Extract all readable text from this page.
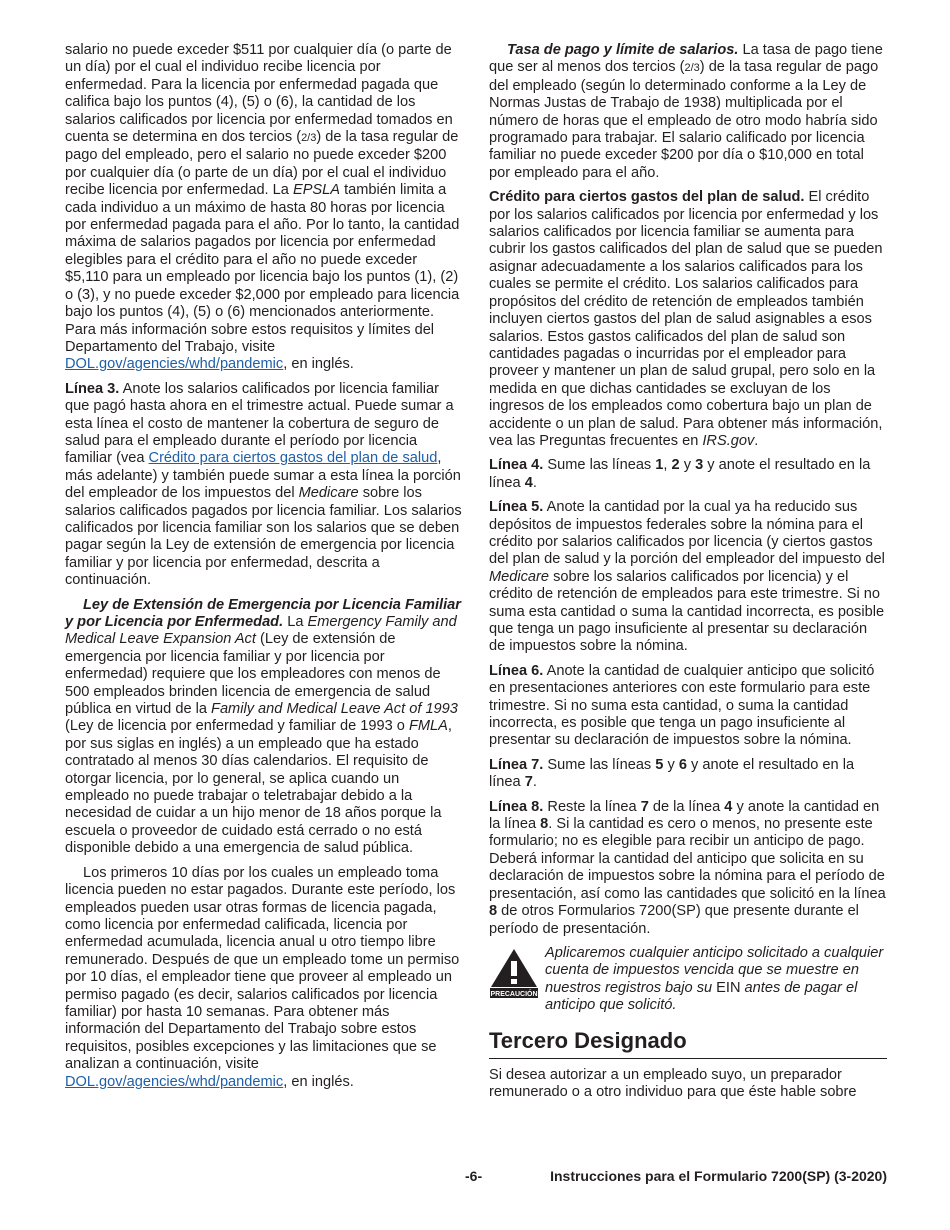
salario no puede exceder $511 por cualquier día (o parte de un día) por el cual el individuo recibe licencia por enfermedad. Para la licencia por enfermedad pagada que califica bajo los puntos (4), (5) o (6), la cantidad de los salarios calificados por licencia por enfermedad tomados en cuenta se determina en dos tercios (2/3) de la tasa regular de pago del empleado, pero el salario no puede exceder $200 por cualquier día (o parte de un día) por el cual el individuo recibe licencia por enfermedad. La EPSLA también limita a cada individuo a un máximo de hasta 80 horas por licencia por enfermedad pagada para el año. Por lo tanto, la cantidad máxima de salarios pagados por licencia por enfermedad elegibles para el crédito para el año no puede exceder $5,110 para un empleado por licencia bajo los puntos (1), (2) o (3), y no puede exceder $2,000 por empleado para licencia bajo los puntos (4), (5) o (6) mencionados anteriormente. Para más información sobre estos requisitos y límites del Departamento del Trabajo, visite DOL.gov/agencies/whd/pandemic, en inglés.

Línea 3. Anote los salarios calificados por licencia familiar que pagó hasta ahora en el trimestre actual. Puede sumar a esta línea el costo de mantener la cobertura de seguro de salud para el empleado durante el período por licencia familiar (vea Crédito para ciertos gastos del plan de salud, más adelante) y también puede sumar a esta línea la porción del empleador de los impuestos del Medicare sobre los salarios calificados pagados por licencia familiar. Los salarios calificados por licencia familiar son los salarios que se deben pagar según la Ley de extensión de emergencia por licencia familiar y por licencia por enfermedad, descrita a continuación.

Ley de Extensión de Emergencia por Licencia Familiar y por Licencia por Enfermedad. La Emergency Family and Medical Leave Expansion Act (Ley de extensión de emergencia por licencia familiar y por licencia por enfermedad) requiere que los empleadores con menos de 500 empleados brinden licencia de emergencia de salud pública en virtud de la Family and Medical Leave Act of 1993 (Ley de licencia por enfermedad y familiar de 1993 o FMLA, por sus siglas en inglés) a un empleado que ha estado contratado al menos 30 días calendarios. El requisito de otorgar licencia, por lo general, se aplica cuando un empleado no puede trabajar o teletrabajar debido a la necesidad de cuidar a un hijo menor de 18 años porque la escuela o proveedor de cuidado está cerrado o no está disponible debido a una emergencia de salud pública.

Los primeros 10 días por los cuales un empleado toma licencia pueden no estar pagados. Durante este período, los empleados pueden usar otras formas de licencia pagada, como licencia por enfermedad calificada, licencia por enfermedad acumulada, licencia anual u otro tiempo libre remunerado. Después de que un empleado tome un permiso por 10 días, el empleador tiene que proveer al empleado un permiso pagado (es decir, salarios calificados por licencia familiar) por hasta 10 semanas. Para obtener más información del Departamento del Trabajo sobre estos requisitos, posibles excepciones y las limitaciones que se analizan a continuación, visite DOL.gov/agencies/whd/pandemic, en inglés.

Tasa de pago y límite de salarios. La tasa de pago tiene que ser al menos dos tercios (2/3) de la tasa regular de pago del empleado (según lo determinado conforme a la Ley de Normas Justas de Trabajo de 1938) multiplicada por el número de horas que el empleado de otro modo habría sido programado para trabajar. El salario calificado por licencia familiar no puede exceder $200 por día o $10,000 en total por empleado para el año.

Crédito para ciertos gastos del plan de salud. El crédito por los salarios calificados por licencia por enfermedad y los salarios calificados por licencia familiar se aumenta para cubrir los gastos calificados del plan de salud que se pueden asignar adecuadamente a los salarios calificados para los cuales se permite el crédito. Los salarios calificados para propósitos del crédito de retención de empleados también incluyen ciertos gastos del plan de salud asignables a esos salarios. Estos gastos calificados del plan de salud son cantidades pagadas o incurridas por el empleador para proveer y mantener un plan de salud grupal, pero solo en la medida en que dichas cantidades se excluyan de los ingresos de los empleados como cobertura bajo un plan de accidente o un plan de salud. Para obtener más información, vea las Preguntas frecuentes en IRS.gov.

Línea 4. Sume las líneas 1, 2 y 3 y anote el resultado en la línea 4.

Línea 5. Anote la cantidad por la cual ya ha reducido sus depósitos de impuestos federales sobre la nómina para el crédito por salarios calificados por licencia (y ciertos gastos del plan de salud y la porción del empleador del impuesto del Medicare sobre los salarios calificados por licencia) y el crédito de retención de empleados para este trimestre. Si no suma esta cantidad o suma la cantidad incorrecta, es posible que tenga un pago insuficiente al presentar su declaración de impuestos sobre la nómina.

Línea 6. Anote la cantidad de cualquier anticipo que solicitó en presentaciones anteriores con este formulario para este trimestre. Si no suma esta cantidad, o suma la cantidad incorrecta, es posible que tenga un pago insuficiente al presentar su declaración de impuestos sobre la nómina.

Línea 7. Sume las líneas 5 y 6 y anote el resultado en la línea 7.

Línea 8. Reste la línea 7 de la línea 4 y anote la cantidad en la línea 8. Si la cantidad es cero o menos, no presente este formulario; no es elegible para recibir un anticipo de pago. Deberá informar la cantidad del anticipo que solicita en su declaración de impuestos sobre la nómina para el período de presentación, así como las cantidades que solicitó en la línea 8 de otros Formularios 7200(SP) que presente durante el período de presentación.

PRECAUCIÓN
Aplicaremos cualquier anticipo solicitado a cualquier cuenta de impuestos vencida que se muestre en nuestros registros bajo su EIN antes de pagar el anticipo que solicitó.
Tercero Designado

Si desea autorizar a un empleado suyo, un preparador remunerado o a otro individuo para que éste hable sobre

-6-	Instrucciones para el Formulario 7200(SP) (3-2020)
